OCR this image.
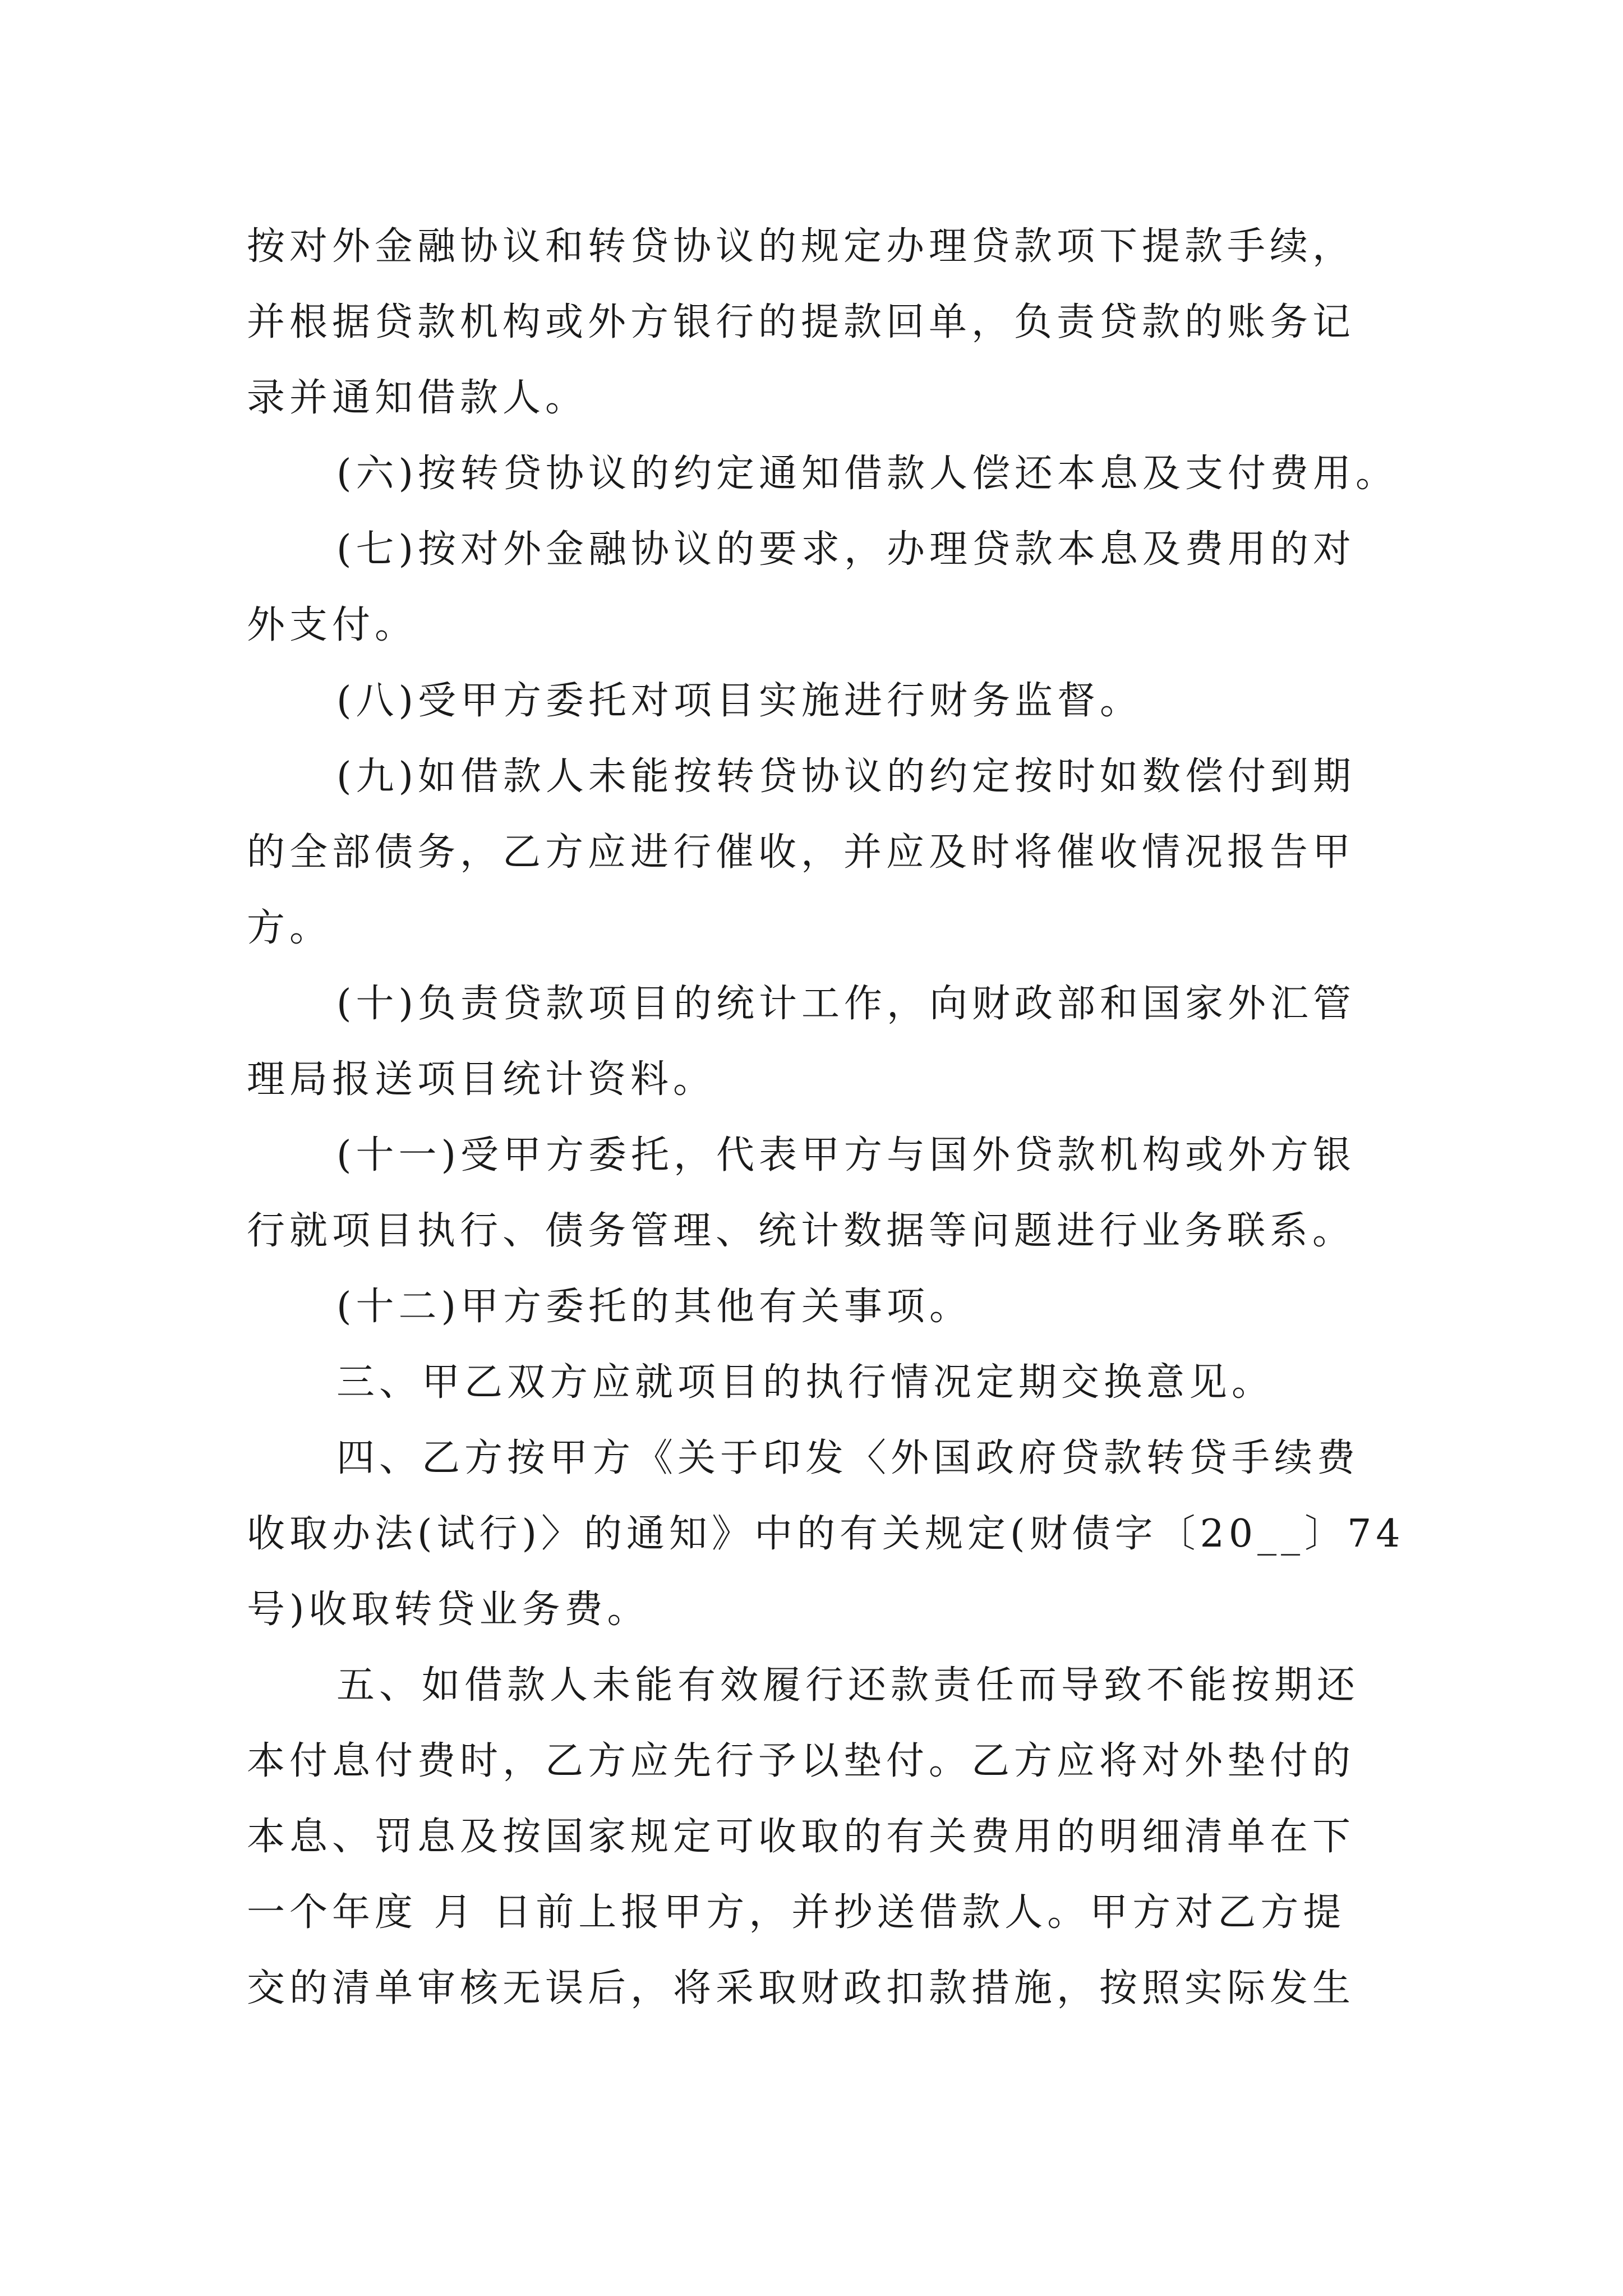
按对外金融协议和转贷协议的规定办理贷款项下提款手续，
并根据贷款机构或外方银行的提款回单，负责贷款的账务记
录并通知借款人。
(六)按转贷协议的约定通知借款人偿还本息及支付费用。
(七)按对外金融协议的要求，办理贷款本息及费用的对
外支付。
(八)受甲方委托对项目实施进行财务监督。
(九)如借款人未能按转贷协议的约定按时如数偿付到期
的全部债务，乙方应进行催收，并应及时将催收情况报告甲
方。
(十)负责贷款项目的统计工作，向财政部和国家外汇管
理局报送项目统计资料。
(十一)受甲方委托，代表甲方与国外贷款机构或外方银
行就项目执行、债务管理、统计数据等问题进行业务联系。
(十二)甲方委托的其他有关事项。
三、甲乙双方应就项目的执行情况定期交换意见。
四、乙方按甲方《关于印发〈外国政府贷款转贷手续费
收取办法(试行)〉的通知》中的有关规定(财债字〔20__〕74
号)收取转贷业务费。
五、如借款人未能有效履行还款责任而导致不能按期还
本付息付费时，乙方应先行予以垫付。乙方应将对外垫付的
本息、罚息及按国家规定可收取的有关费用的明细清单在下
一个年度 月 日前上报甲方，并抄送借款人。甲方对乙方提
交的清单审核无误后，将采取财政扣款措施，按照实际发生
